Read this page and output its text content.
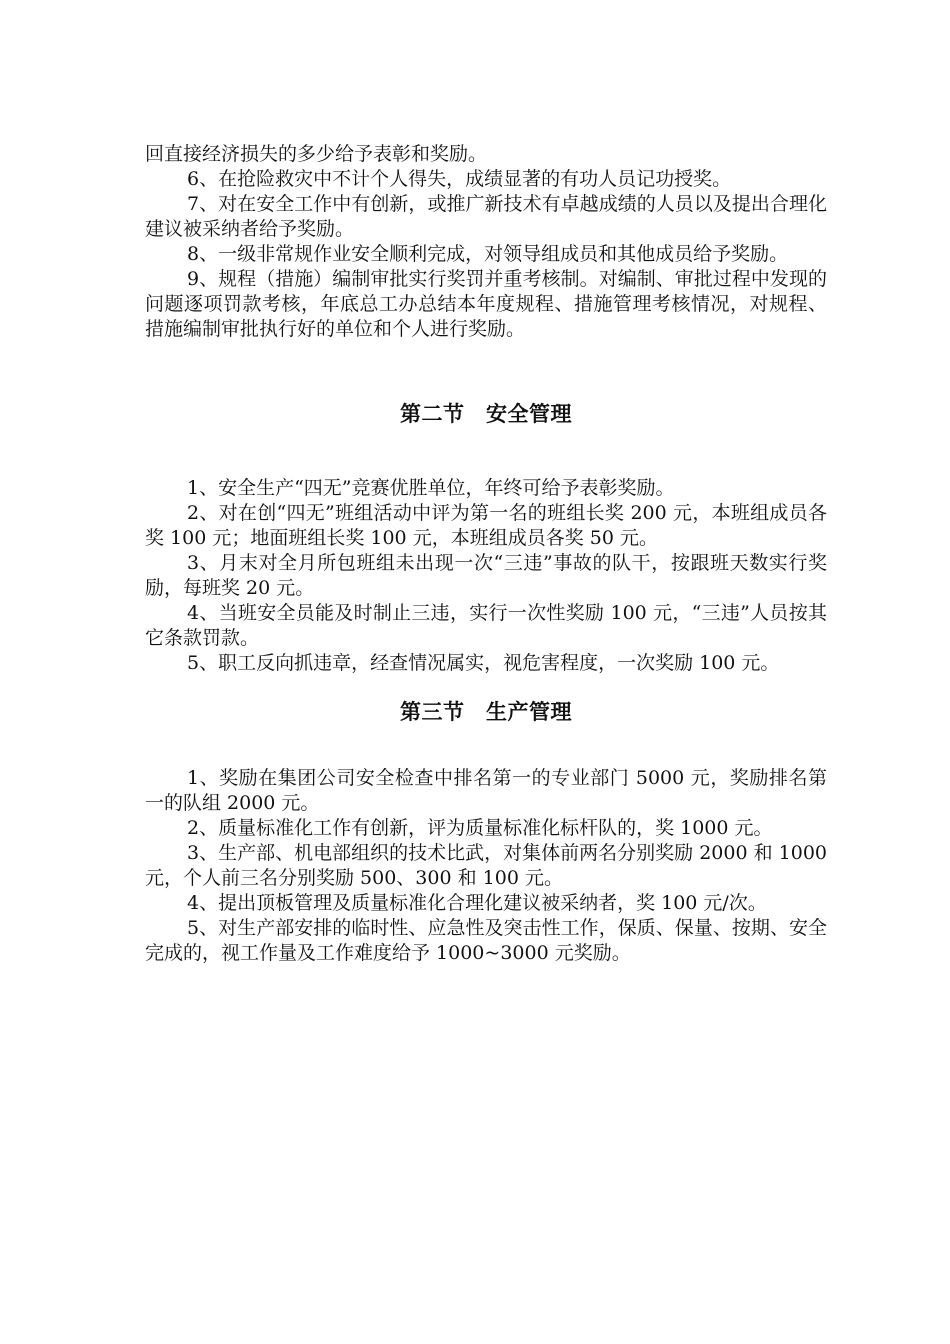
回直接经济损失的多少给予表彰和奖励。

6、在抢险救灾中不计个人得失，成绩显著的有功人员记功授奖。

7、对在安全工作中有创新，或推广新技术有卓越成绩的人员以及提出合理化建议被采纳者给予奖励。

8、一级非常规作业安全顺利完成，对领导组成员和其他成员给予奖励。

9、规程（措施）编制审批实行奖罚并重考核制。对编制、审批过程中发现的问题逐项罚款考核，年底总工办总结本年度规程、措施管理考核情况，对规程、措施编制审批执行好的单位和个人进行奖励。

第二节　安全管理

1、安全生产“四无”竞赛优胜单位，年终可给予表彰奖励。

2、对在创“四无”班组活动中评为第一名的班组长奖 200 元，本班组成员各奖 100 元；地面班组长奖 100 元，本班组成员各奖 50 元。

3、月末对全月所包班组未出现一次“三违”事故的队干，按跟班天数实行奖励，每班奖 20 元。

4、当班安全员能及时制止三违，实行一次性奖励 100 元，“三违”人员按其它条款罚款。

5、职工反向抓违章，经查情况属实，视危害程度，一次奖励 100 元。

第三节　生产管理

1、奖励在集团公司安全检查中排名第一的专业部门 5000 元，奖励排名第一的队组 2000 元。

2、质量标准化工作有创新，评为质量标准化标杆队的，奖 1000 元。

3、生产部、机电部组织的技术比武，对集体前两名分别奖励 2000 和 1000 元，个人前三名分别奖励 500、300 和 100 元。

4、提出顶板管理及质量标准化合理化建议被采纳者，奖 100 元/次。

5、对生产部安排的临时性、应急性及突击性工作，保质、保量、按期、安全完成的，视工作量及工作难度给予 1000~3000 元奖励。
